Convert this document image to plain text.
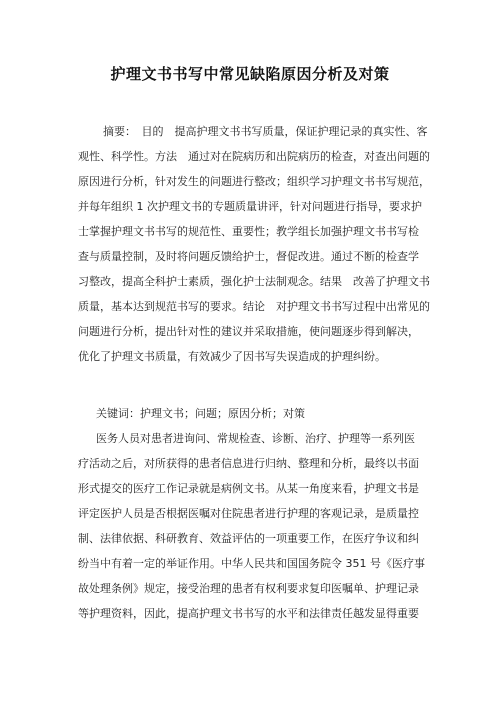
护理文书书写中常见缺陷原因分析及对策
摘要：　目的　提高护理文书书写质量，保证护理记录的真实性、客
观性、科学性。方法　通过对在院病历和出院病历的检查，对查出问题的
原因进行分析，针对发生的问题进行整改；组织学习护理文书书写规范，
并每年组织 1 次护理文书的专题质量讲评，针对问题进行指导，要求护
士掌握护理文书书写的规范性、重要性；教学组长加强护理文书书写检
查与质量控制，及时将问题反馈给护士，督促改进。通过不断的检查学
习整改，提高全科护士素质，强化护士法制观念。结果　改善了护理文书
质量，基本达到规范书写的要求。结论　对护理文书书写过程中出常见的
问题进行分析，提出针对性的建议并采取措施，使问题逐步得到解决，
优化了护理文书质量，有效减少了因书写失误造成的护理纠纷。
关键词：护理文书；问题；原因分析；对策
医务人员对患者进询问、常规检查、诊断、治疗、护理等一系列医
疗活动之后，对所获得的患者信息进行归纳、整理和分析，最终以书面
形式提交的医疗工作记录就是病例文书。从某一角度来看，护理文书是
评定医护人员是否根据医嘱对住院患者进行护理的客观记录，是质量控
制、法律依据、科研教育、效益评估的一项重要工作，在医疗争议和纠
纷当中有着一定的举证作用。中华人民共和国国务院令 351 号《医疗事
故处理条例》规定，接受治理的患者有权利要求复印医嘱单、护理记录
等护理资料，因此，提高护理文书书写的水平和法律责任越发显得重要
